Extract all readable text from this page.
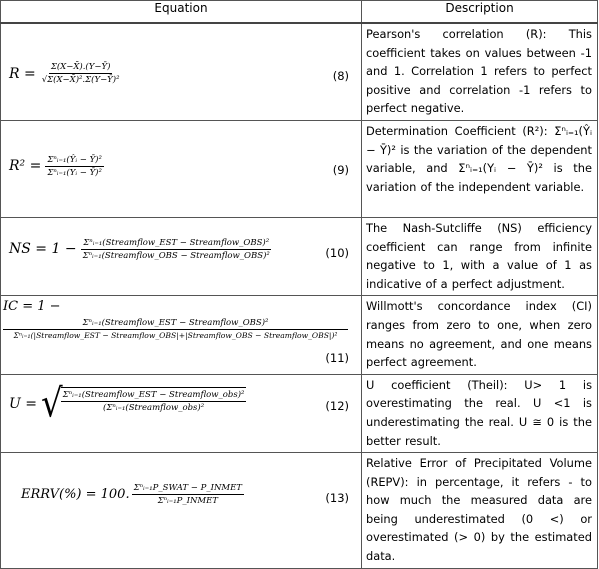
Equation	Description

$R = \frac{\Sigma(X-X̄).(Y-Ȳ)}{\text{√Σ(X−X̄)².Σ(Y−Ȳ)²}} (8)$	Pearson's correlation (R): This coefficient takes on values between -1 and 1. Correlation 1 refers to perfect positive and correlation -1 refers to perfect negative.

$R^2 = \frac{\text{Σⁿᵢ₌₁(Ŷᵢ − Ȳ)²}}{\text{Σⁿᵢ₌₁(Yᵢ − Ȳ)²}} (9)$	Determination Coefficient (R²): Σⁿᵢ₌₁(Ŷᵢ − Ȳ)² is the variation of the dependent variable, and Σⁿᵢ₌₁(Yᵢ − Ȳ)² is the variation of the independent variable.

NS = $1 - \frac{\text{Σⁿᵢ₌₁(Streamflow\_EST − Streamflow\_OBS)²}}{\text{Σⁿᵢ₌₁(Streamflow\_OBS − Streamflow\_OBS)²}} (10)$	The Nash-Sutcliffe (NS) efficiency coefficient can range from infinite negative to 1, with a value of 1 as indicative of a perfect adjustment.

IC = 1 −
Σⁿᵢ₌₁(Streamflow_EST − Streamflow_OBS)²
Σⁿᵢ₌₁(|Streamflow_EST − Streamflow_OBS|+|Streamflow_OBS − Streamflow_OBS|)²
(11)	Willmott's concordance index (CI) ranges from zero to one, when zero means no agreement, and one means perfect agreement.

U = √
$\frac{\text{Σⁿᵢ₌₁(Streamflow\_EST − Streamflow\_obs)²}}{\text{(Σⁿᵢ₌₁(Streamflow\_obs)²}} (12)$	U coefficient (Theil): U> 1 is overestimating the real. U <1 is underestimating the real. U ≅ 0 is the better result.

ERRV(%) = 100. $\frac{\text{Σⁿᵢ₌₁P\_SWAT − P\_INMET}}{\text{Σⁿᵢ₌₁P\_INMET}} (13)$	Relative Error of Precipitated Volume (REPV): in percentage, it refers - to how much the measured data are being underestimated (0 <) or overestimated (> 0) by the estimated data.
